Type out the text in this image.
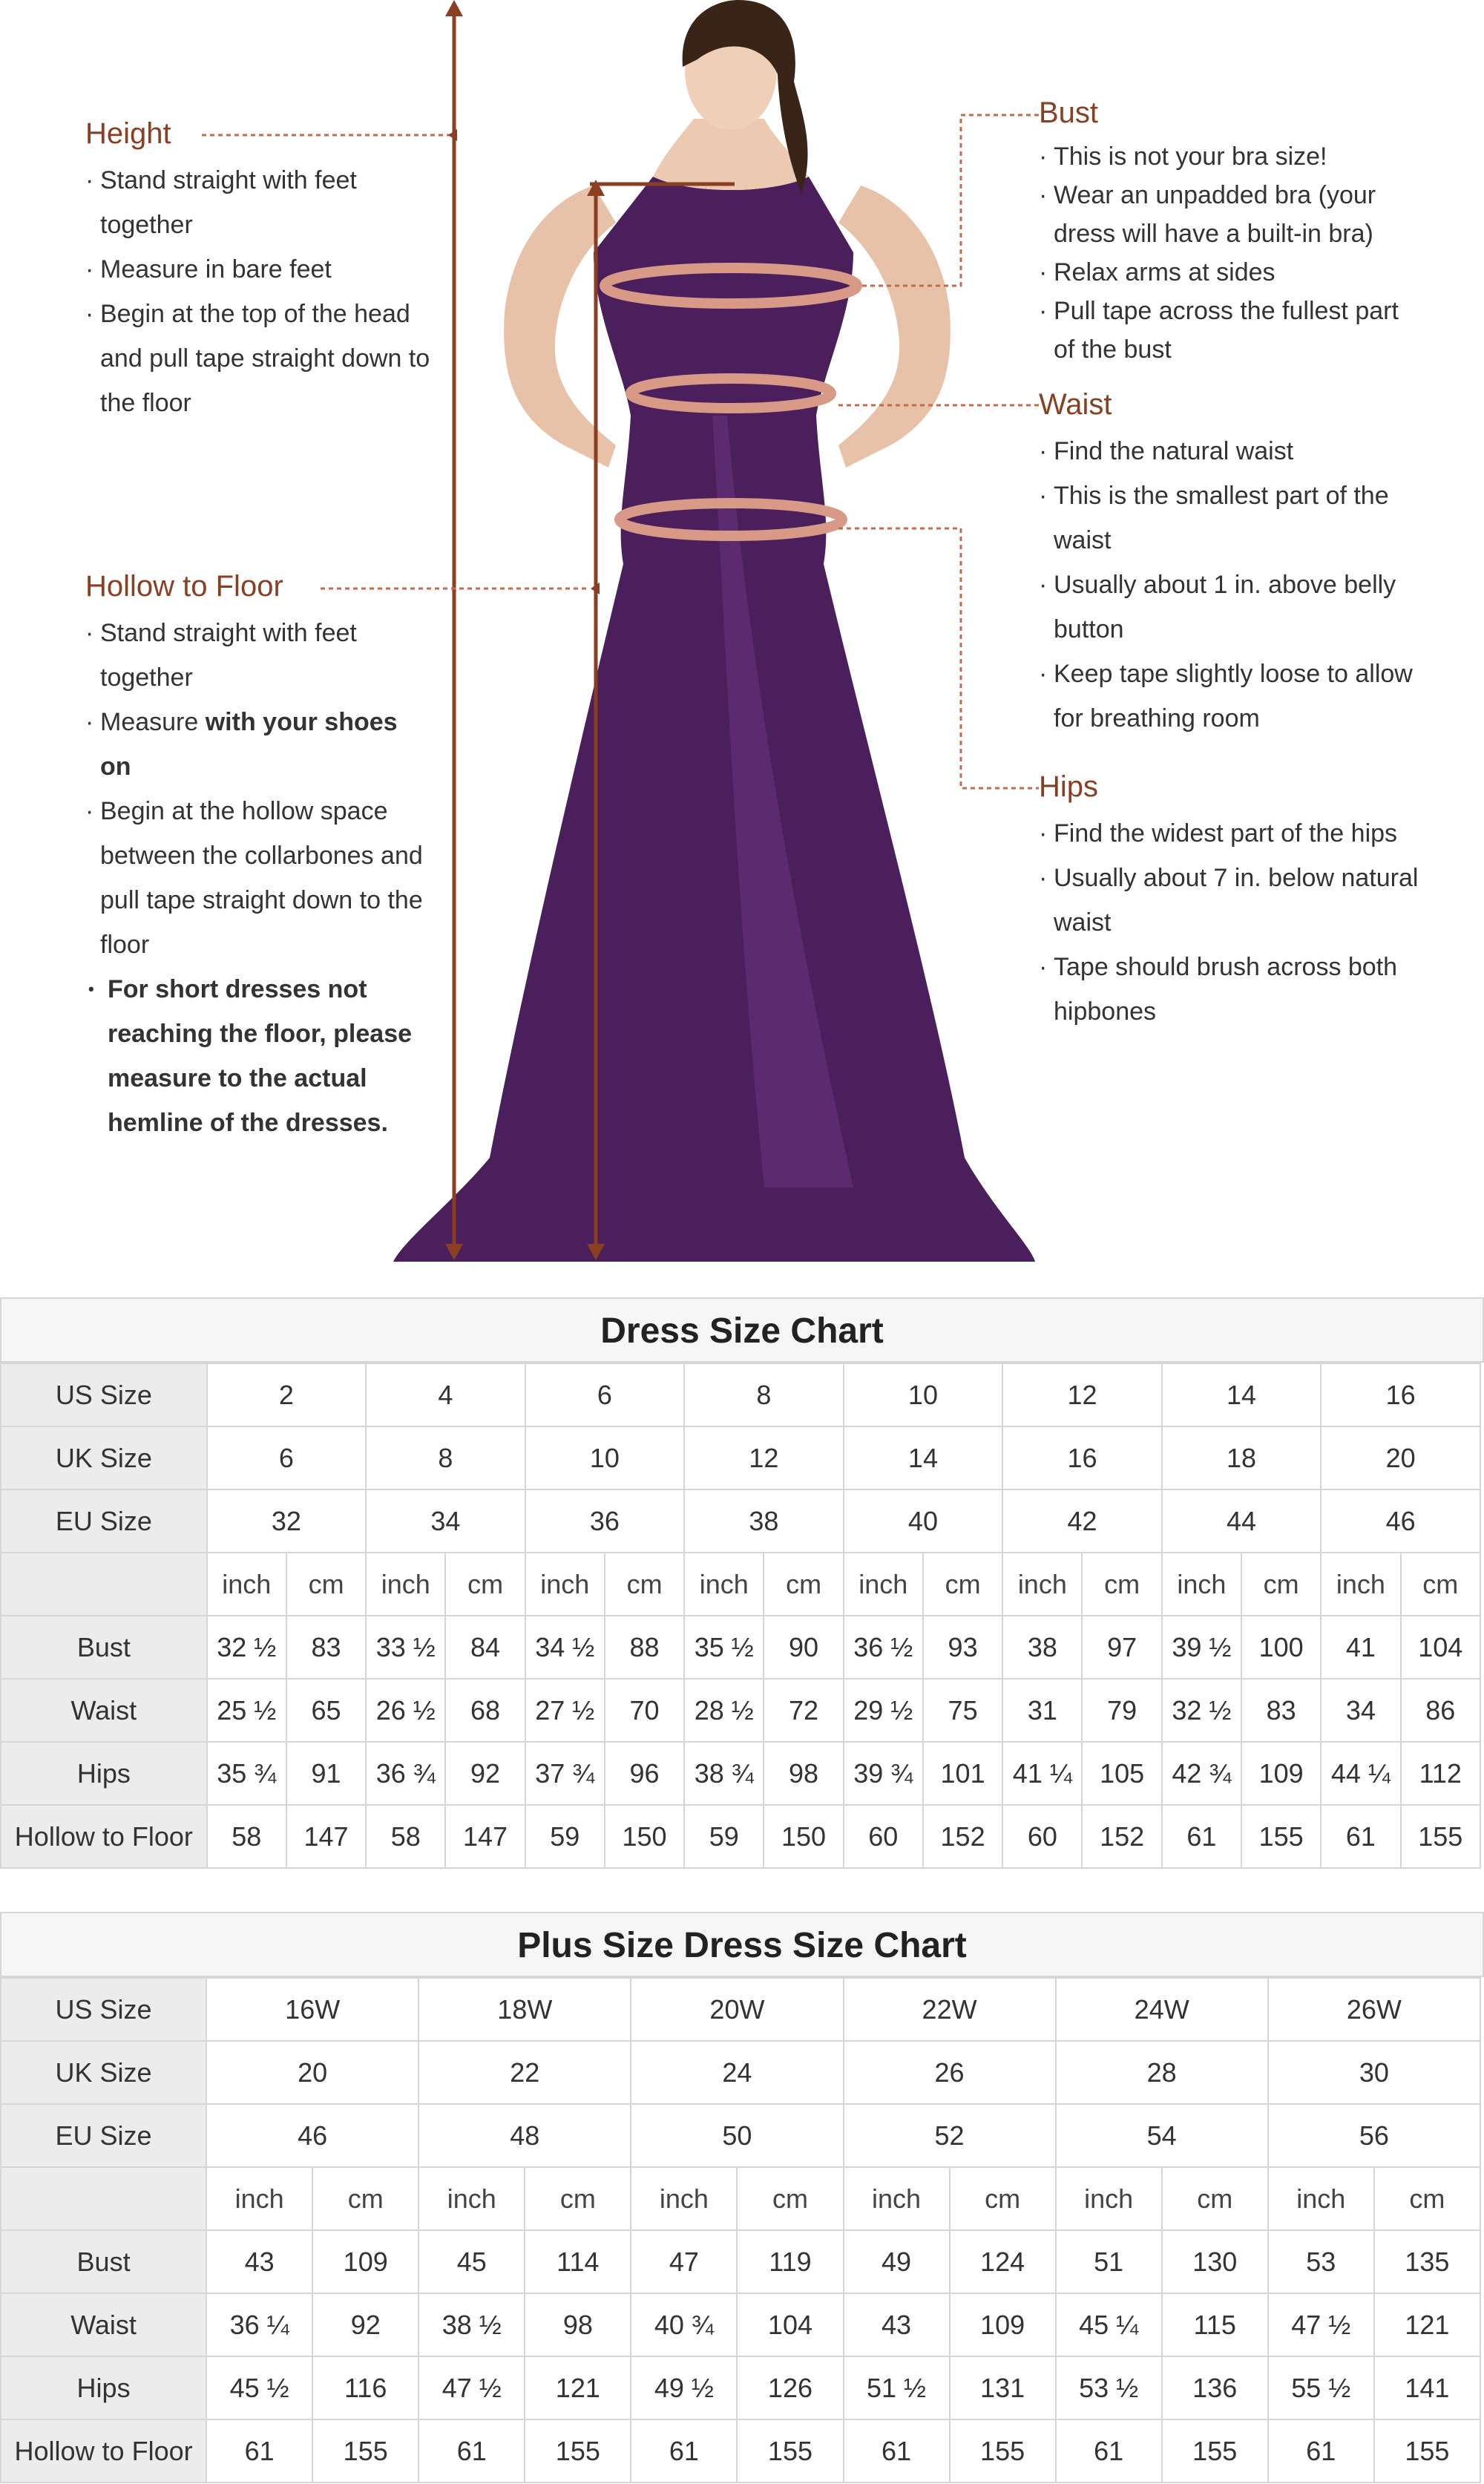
Height
· Stand straight with feet together
· Measure in bare feet
· Begin at the top of the head and pull tape straight down to the floor
Hollow to Floor
· Stand straight with feet together
· Measure with your shoes on
· Begin at the hollow space between the collarbones and pull tape straight down to the floor
• For short dresses not reaching the floor, please measure to the actual hemline of the dresses.
Bust
· This is not your bra size!
· Wear an unpadded bra (your dress will have a built-in bra)
· Relax arms at sides
· Pull tape across the fullest part of the bust
Waist
· Find the natural waist
· This is the smallest part of the waist
· Usually about 1 in. above belly button
· Keep tape slightly loose to allow for breathing room
Hips
· Find the widest part of the hips
· Usually about 7 in. below natural waist
· Tape should brush across both hipbones
Dress Size Chart
US Size	2		4		6		8		10		12		14		16	
UK Size	6		8		10		12		14		16		18		20	
EU Size	32		34		36		38		40		42		44		46	
	inch	cm	inch	cm	inch	cm	inch	cm	inch	cm	inch	cm	inch	cm	inch	cm
Bust	32 ½	83	33 ½	84	34 ½	88	35 ½	90	36 ½	93	38	97	39 ½	100	41	104
Waist	25 ½	65	26 ½	68	27 ½	70	28 ½	72	29 ½	75	31	79	32 ½	83	34	86
Hips	35 ¾	91	36 ¾	92	37 ¾	96	38 ¾	98	39 ¾	101	41 ¼	105	42 ¾	109	44 ¼	112
Hollow to Floor	58	147	58	147	59	150	59	150	60	152	60	152	61	155	61	155
Plus Size Dress Size Chart
US Size	16W		18W		20W		22W		24W		26W	
UK Size	20		22		24		26		28		30	
EU Size	46		48		50		52		54		56	
	inch	cm	inch	cm	inch	cm	inch	cm	inch	cm	inch	cm
Bust	43	109	45	114	47	119	49	124	51	130	53	135
Waist	36 ¼	92	38 ½	98	40 ¾	104	43	109	45 ¼	115	47 ½	121
Hips	45 ½	116	47 ½	121	49 ½	126	51 ½	131	53 ½	136	55 ½	141
Hollow to Floor	61	155	61	155	61	155	61	155	61	155	61	155
